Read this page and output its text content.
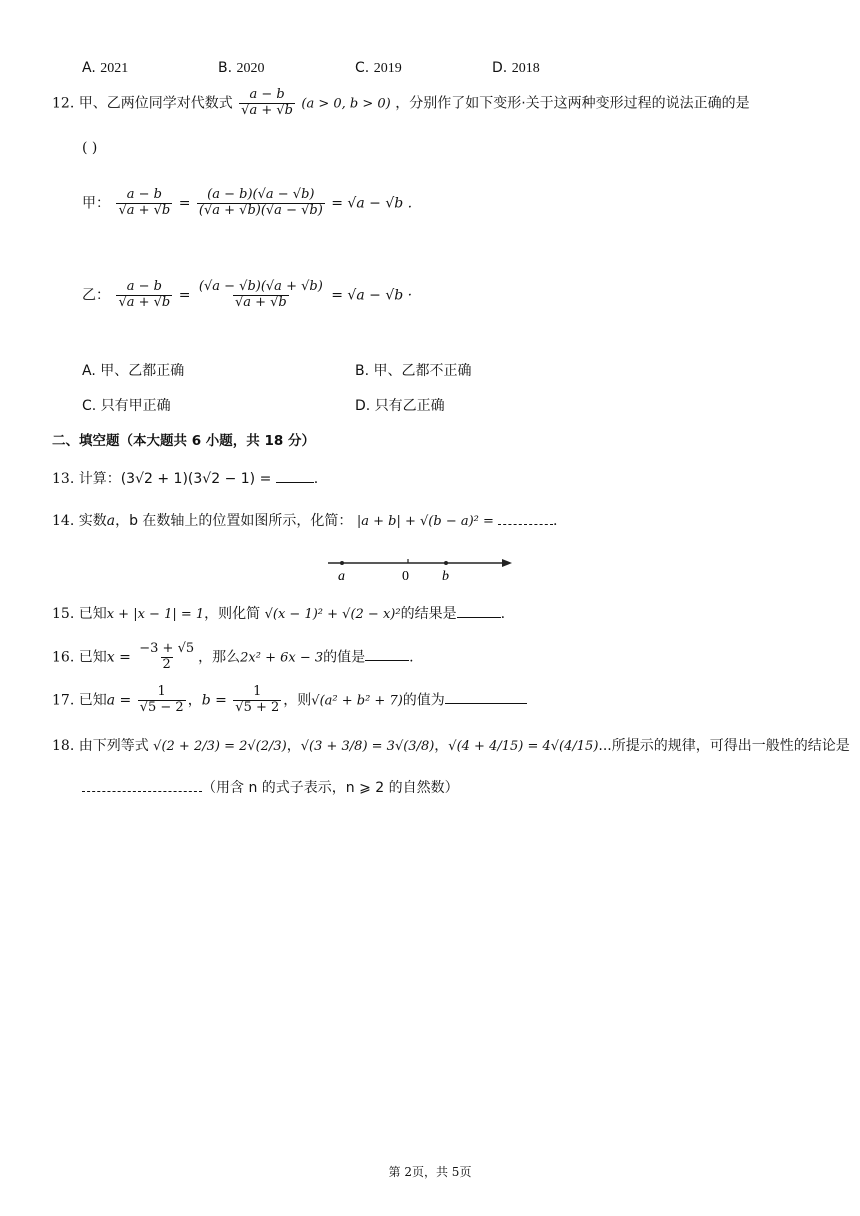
A. 2021	B. 2020	C. 2019	D. 2018
12. 甲、乙两位同学对代数式 $\frac{a - b}{√a + √b} (a > 0$, b > 0) ，分别作了如下变形·关于这两种变形过程的说法正确的是
( )
甲： $\frac{a - b}{√a + √b} = \frac{(a - b)(√a - √b)}{(√a + √b)(√a - √b)} = √a - √b$ .
乙： $\frac{a - b}{√a + √b} = \frac{(√a - √b)(√a + √b)}{√a + √b} = √a - √b$ ·
A. 甲、乙都正确	B. 甲、乙都不正确
C. 只有甲正确	D. 只有乙正确
二、填空题（本大题共 6 小题，共 18 分）
13. 计算：(3√2 + 1)(3√2 − 1) =	.
14. 实数a，b 在数轴上的位置如图所示，化简： |a + b| + √(b − a)² =	.
a	0 b
15. 已知x + |x − 1| = 1，则化简 √(x − 1)² + √(2 − x)²的结果是	.
16. 已知$x = \frac{-3 + √5}{2}$ ，那么2x² + 6x − 3的值是	.
17. 已知$a = \frac{1}{√5 - 2}$ ，$b = \frac{1}{√5 + 2}$ ，则√(a² + b² + 7)的值为
18. 由下列等式 √(2 + 2/3) = 2√(2/3)，√(3 + 3/8) = 3√(3/8)，√(4 + 4/15) = 4√(4/15)...所提示的规律，可得出一般性的结论是
（用含 n 的式子表示，n ⩾ 2 的自然数）
第 2页，共 5页
